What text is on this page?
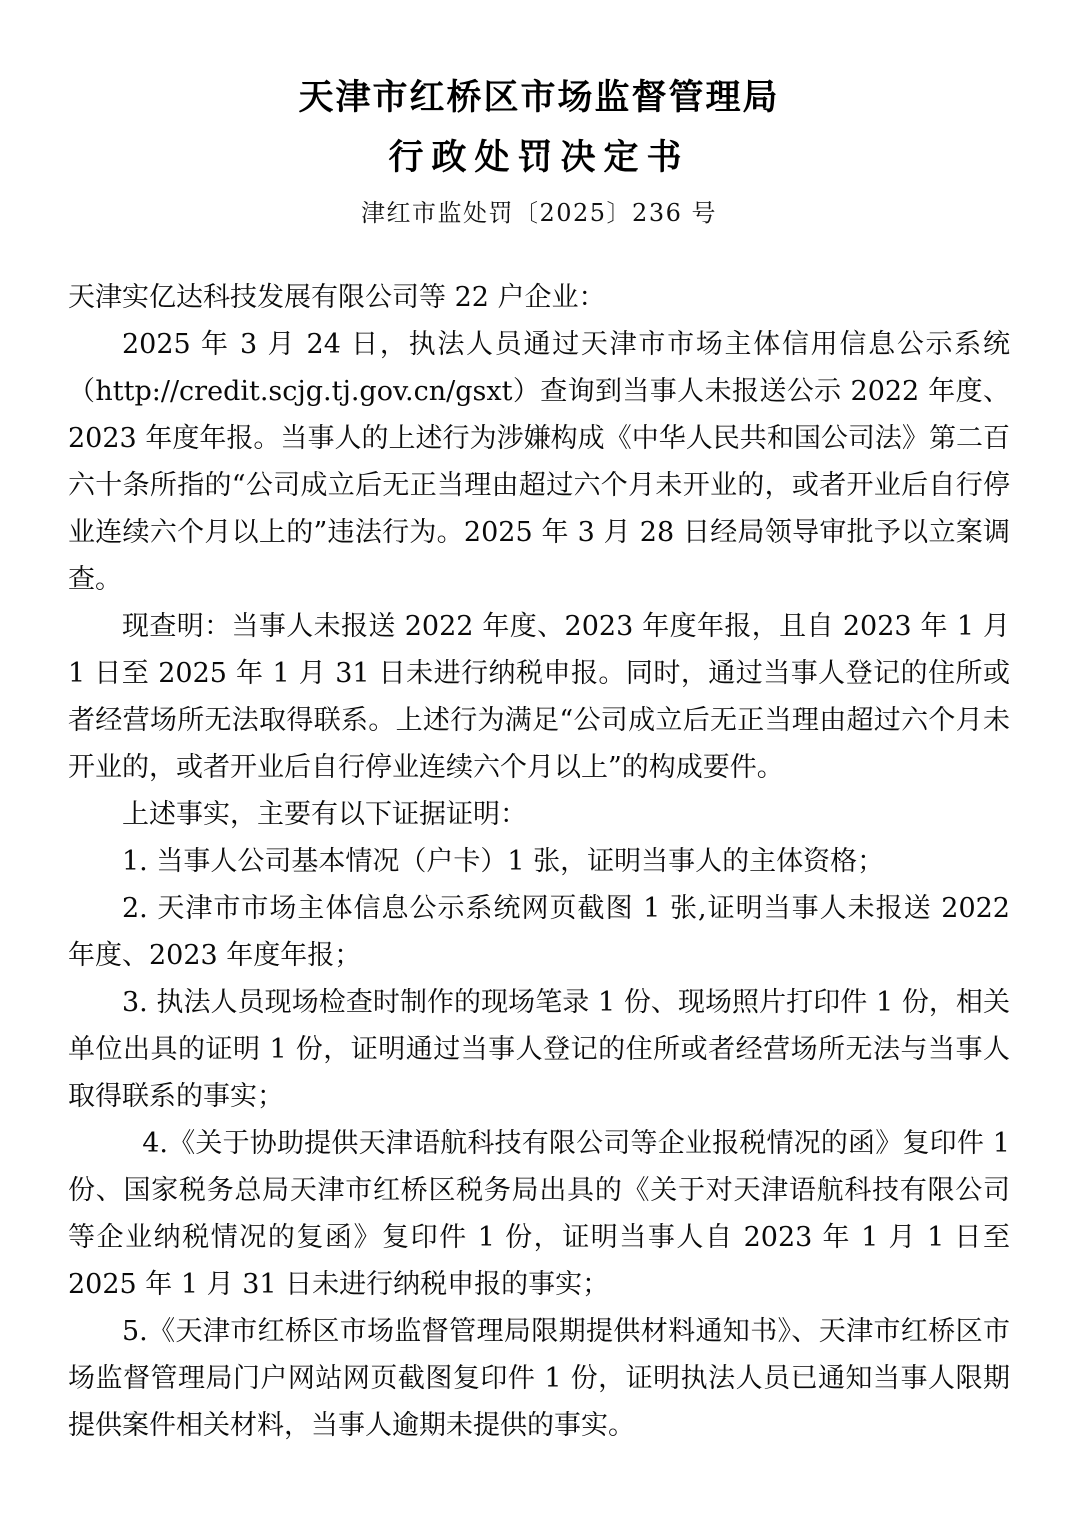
天津市红桥区市场监督管理局
行政处罚决定书
津红市监处罚〔2025〕236 号

天津实亿达科技发展有限公司等 22 户企业：

2025 年 3 月 24 日，执法人员通过天津市市场主体信用信息公示系统（http://credit.scjg.tj.gov.cn/gsxt）查询到当事人未报送公示 2022 年度、2023 年度年报。当事人的上述行为涉嫌构成《中华人民共和国公司法》第二百六十条所指的“公司成立后无正当理由超过六个月未开业的，或者开业后自行停业连续六个月以上的”违法行为。2025 年 3 月 28 日经局领导审批予以立案调查。

现查明：当事人未报送 2022 年度、2023 年度年报，且自 2023 年 1 月 1 日至 2025 年 1 月 31 日未进行纳税申报。同时，通过当事人登记的住所或者经营场所无法取得联系。上述行为满足“公司成立后无正当理由超过六个月未开业的，或者开业后自行停业连续六个月以上”的构成要件。

上述事实，主要有以下证据证明：

1. 当事人公司基本情况（户卡）1 张，证明当事人的主体资格；

2. 天津市市场主体信息公示系统网页截图 1 张,证明当事人未报送 2022 年度、2023 年度年报；

3. 执法人员现场检查时制作的现场笔录 1 份、现场照片打印件 1 份，相关单位出具的证明 1 份，证明通过当事人登记的住所或者经营场所无法与当事人取得联系的事实；

4.《关于协助提供天津语航科技有限公司等企业报税情况的函》复印件 1 份、国家税务总局天津市红桥区税务局出具的《关于对天津语航科技有限公司等企业纳税情况的复函》复印件 1 份，证明当事人自 2023 年 1 月 1 日至 2025 年 1 月 31 日未进行纳税申报的事实；

5.《天津市红桥区市场监督管理局限期提供材料通知书》、天津市红桥区市场监督管理局门户网站网页截图复印件 1 份，证明执法人员已通知当事人限期提供案件相关材料，当事人逾期未提供的事实。
